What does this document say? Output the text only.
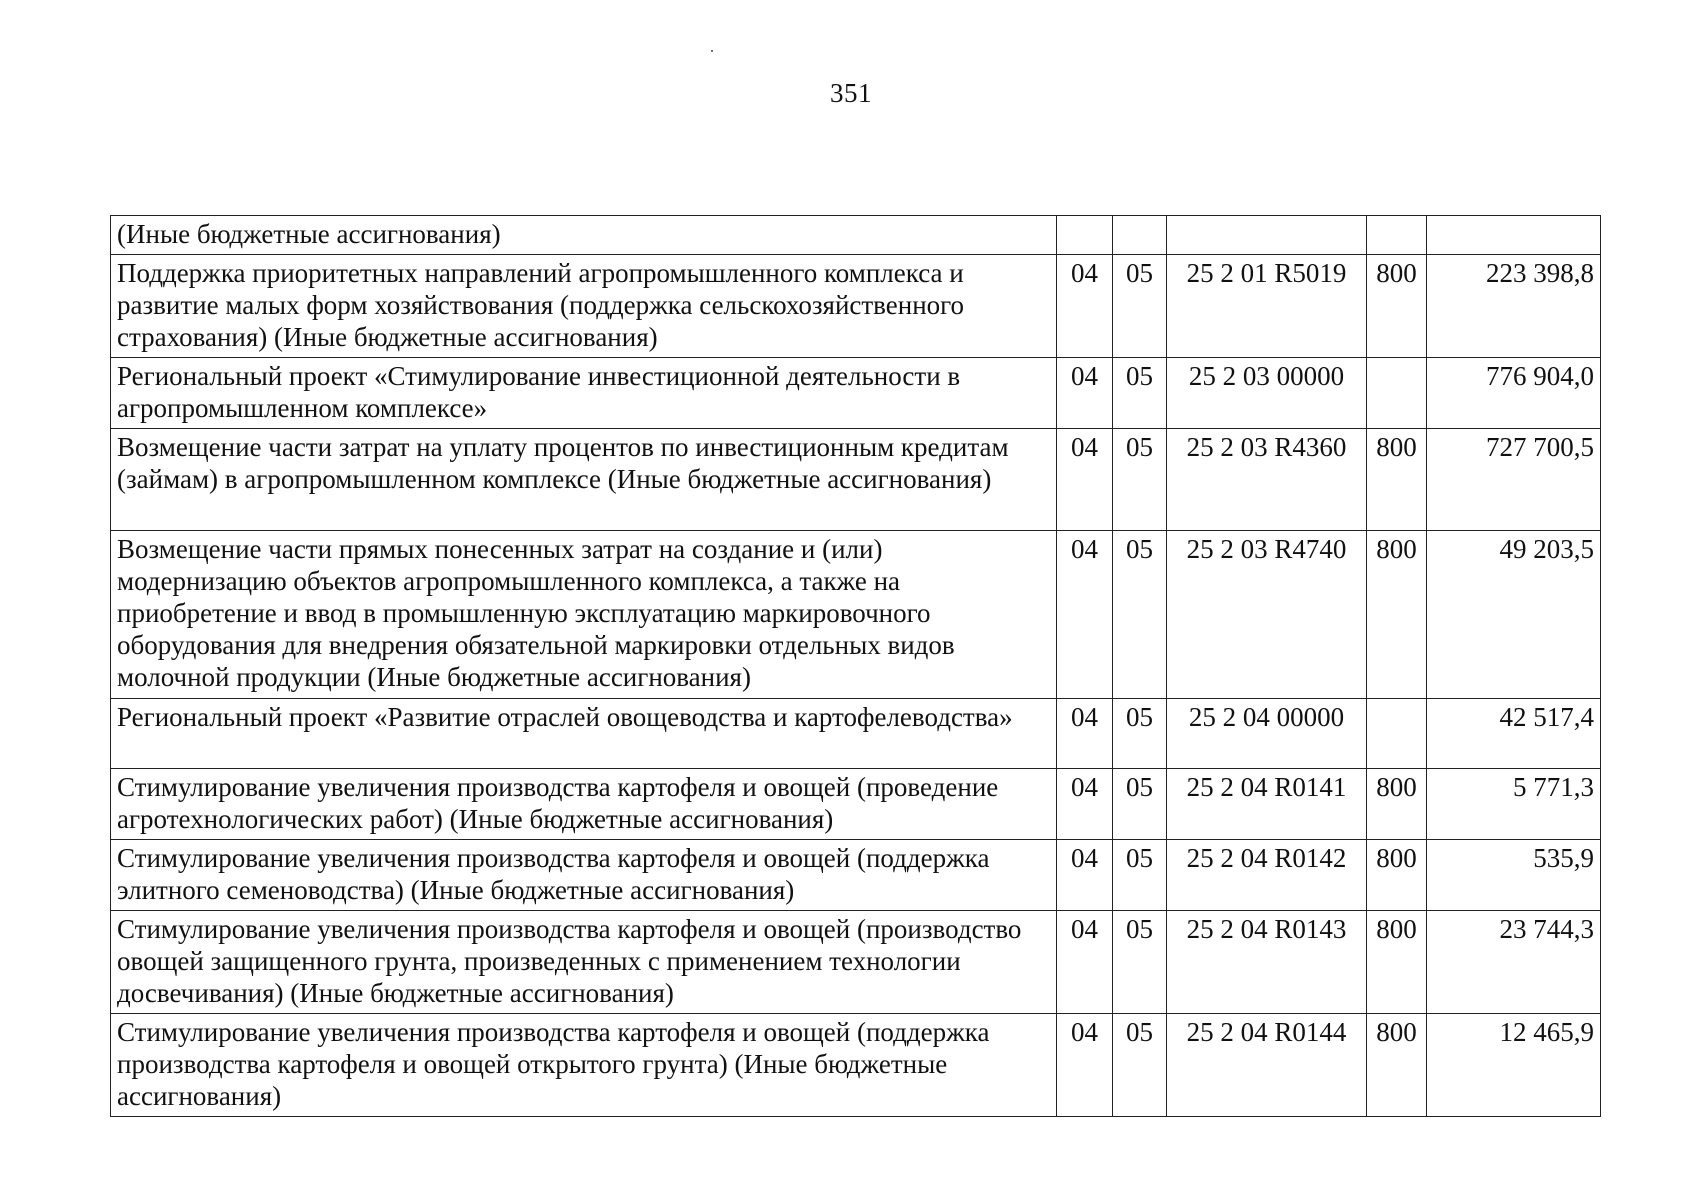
351
(Иные бюджетные ассигнования)					
Поддержка приоритетных направлений агропромышленного комплекса и развитие малых форм хозяйствования (поддержка сельскохозяйственного страхования) (Иные бюджетные ассигнования)	04	05	25 2 01 R5019	800	223 398,8
Региональный проект «Стимулирование инвестиционной деятельности в агропромышленном комплексе»	04	05	25 2 03 00000		776 904,0
Возмещение части затрат на уплату процентов по инвестиционным кредитам (займам) в агропромышленном комплексе (Иные бюджетные ассигнования)	04	05	25 2 03 R4360	800	727 700,5
Возмещение части прямых понесенных затрат на создание и (или) модернизацию объектов агропромышленного комплекса, а также на приобретение и ввод в промышленную эксплуатацию маркировочного оборудования для внедрения обязательной маркировки отдельных видов молочной продукции (Иные бюджетные ассигнования)	04	05	25 2 03 R4740	800	49 203,5
Региональный проект «Развитие отраслей овощеводства и картофелеводства»	04	05	25 2 04 00000		42 517,4
Стимулирование увеличения производства картофеля и овощей (проведение агротехнологических работ) (Иные бюджетные ассигнования)	04	05	25 2 04 R0141	800	5 771,3
Стимулирование увеличения производства картофеля и овощей (поддержка элитного семеноводства) (Иные бюджетные ассигнования)	04	05	25 2 04 R0142	800	535,9
Стимулирование увеличения производства картофеля и овощей (производство овощей защищенного грунта, произведенных с применением технологии досвечивания) (Иные бюджетные ассигнования)	04	05	25 2 04 R0143	800	23 744,3
Стимулирование увеличения производства картофеля и овощей (поддержка производства картофеля и овощей открытого грунта) (Иные бюджетные ассигнования)	04	05	25 2 04 R0144	800	12 465,9
